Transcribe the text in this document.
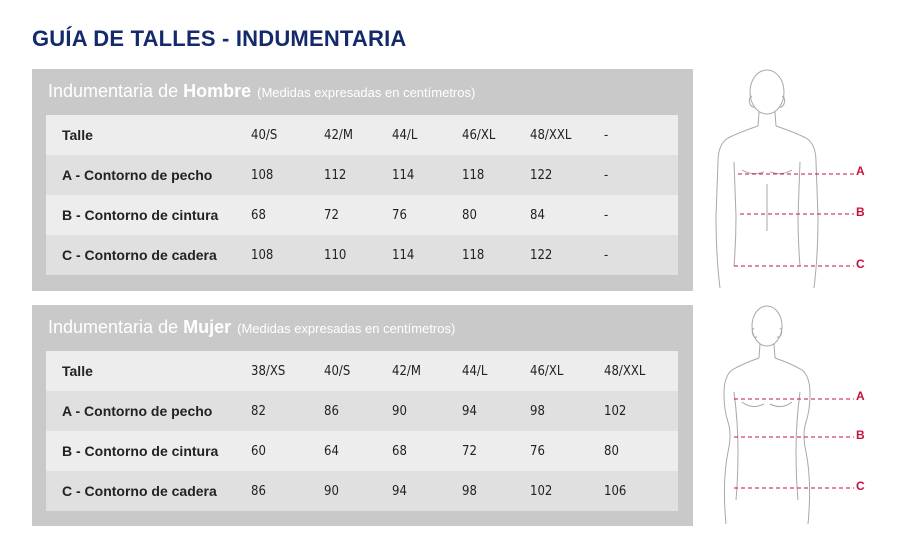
GUÍA DE TALLES - INDUMENTARIA
Indumentaria de Hombre (Medidas expresadas en centímetros)
Talle	40/S	42/M	44/L	46/XL	48/XXL	-
A - Contorno de pecho	108	112	114	118	122	-
B - Contorno de cintura	68	72	76	80	84	-
C - Contorno de cadera	108	110	114	118	122	-
Indumentaria de Mujer (Medidas expresadas en centímetros)
Talle	38/XS	40/S	42/M	44/L	46/XL	48/XXL
A - Contorno de pecho	82	86	90	94	98	102
B - Contorno de cintura	60	64	68	72	76	80
C - Contorno de cadera	86	90	94	98	102	106
A
B
C
A
B
C
